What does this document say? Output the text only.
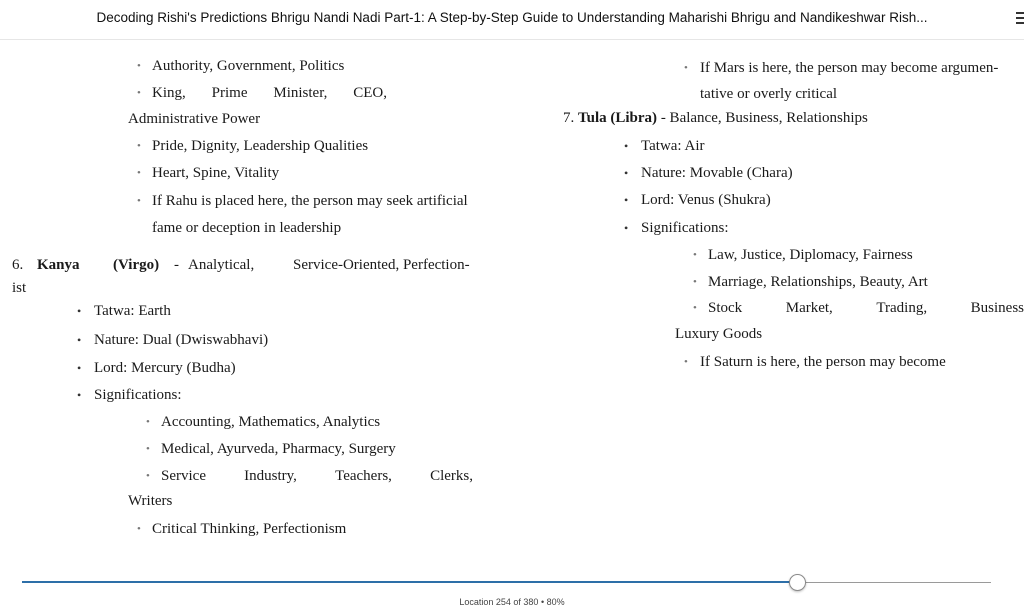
Decoding Rishi's Predictions Bhrigu Nandi Nadi Part-1: A Step-by-Step Guide to Understanding Maharishi Bhrigu and Nandikeshwar Rish...
• Authority, Government, Politics
• King, Prime Minister, CEO,
Administrative Power
• Pride, Dignity, Leadership Qualities
• Heart, Spine, Vitality
• If Rahu is placed here, the person may seek artificial
fame or deception in leadership
6. Kanya (Virgo) - Analytical,	Service-Oriented, Perfection-
ist
• Tatwa: Earth
• Nature: Dual (Dwiswabhavi)
• Lord: Mercury (Budha)
• Significations:
• Accounting, Mathematics, Analytics
• Medical, Ayurveda, Pharmacy, Surgery
• Service	Industry,	Teachers,	Clerks,
Writers
• Critical Thinking, Perfectionism
• If Mars is here, the person may become argumen-
tative or overly critical
7. Tula (Libra) - Balance, Business, Relationships
• Tatwa: Air
• Nature: Movable (Chara)
• Lord: Venus (Shukra)
• Significations:
• Law, Justice, Diplomacy, Fairness
• Marriage, Relationships, Beauty, Art
• Stock	Market,	Trading,	Business
Luxury Goods
• If Saturn is here, the person may become
Location 254 of 380 • 80%
